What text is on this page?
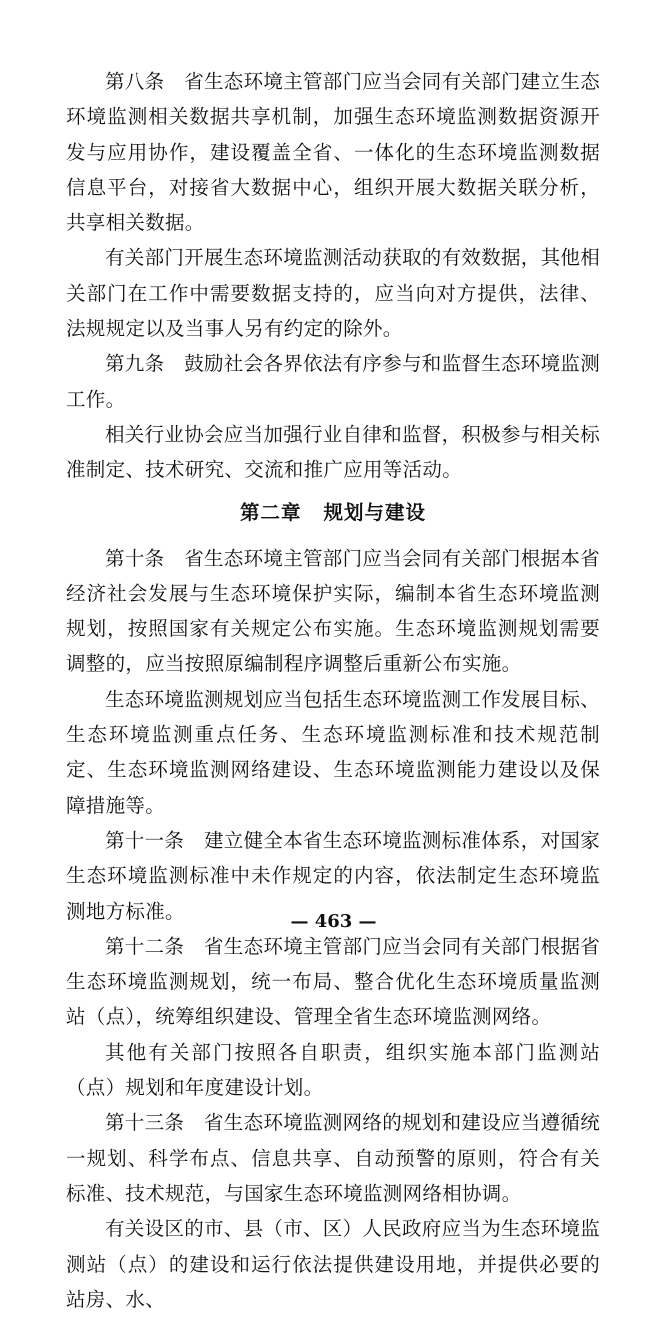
第八条　省生态环境主管部门应当会同有关部门建立生态环境监测相关数据共享机制，加强生态环境监测数据资源开发与应用协作，建设覆盖全省、一体化的生态环境监测数据信息平台，对接省大数据中心，组织开展大数据关联分析，共享相关数据。

有关部门开展生态环境监测活动获取的有效数据，其他相关部门在工作中需要数据支持的，应当向对方提供，法律、法规规定以及当事人另有约定的除外。

第九条　鼓励社会各界依法有序参与和监督生态环境监测工作。

相关行业协会应当加强行业自律和监督，积极参与相关标准制定、技术研究、交流和推广应用等活动。

第二章 规划与建设

第十条　省生态环境主管部门应当会同有关部门根据本省经济社会发展与生态环境保护实际，编制本省生态环境监测规划，按照国家有关规定公布实施。生态环境监测规划需要调整的，应当按照原编制程序调整后重新公布实施。

生态环境监测规划应当包括生态环境监测工作发展目标、生态环境监测重点任务、生态环境监测标准和技术规范制定、生态环境监测网络建设、生态环境监测能力建设以及保障措施等。

第十一条　建立健全本省生态环境监测标准体系，对国家生态环境监测标准中未作规定的内容，依法制定生态环境监测地方标准。

第十二条　省生态环境主管部门应当会同有关部门根据省生态环境监测规划，统一布局、整合优化生态环境质量监测站（点），统筹组织建设、管理全省生态环境监测网络。

其他有关部门按照各自职责，组织实施本部门监测站（点）规划和年度建设计划。

第十三条　省生态环境监测网络的规划和建设应当遵循统一规划、科学布点、信息共享、自动预警的原则，符合有关标准、技术规范，与国家生态环境监测网络相协调。

有关设区的市、县（市、区）人民政府应当为生态环境监测站（点）的建设和运行依法提供建设用地，并提供必要的站房、水、

— 463 —
